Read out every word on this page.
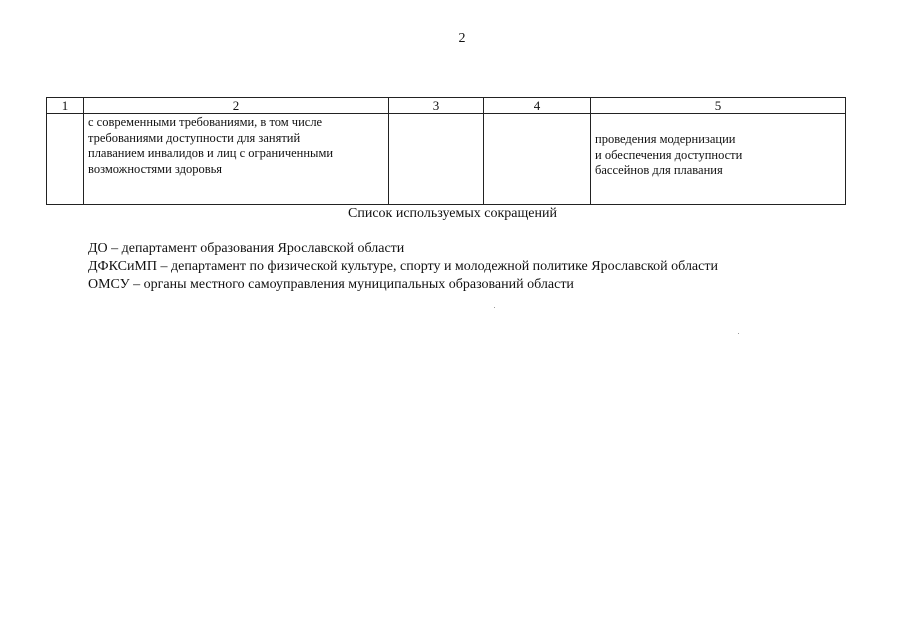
2
1	2	3	4	5
	с современными требованиями, в том числе
требованиями доступности для занятий
плаванием инвалидов и лиц с ограниченными
возможностями здоровья			проведения модернизации
и обеспечения доступности
бассейнов для плавания
Список используемых сокращений
ДО – департамент образования Ярославской области
ДФКСиМП – департамент по физической культуре, спорту и молодежной политике Ярославской области
ОМСУ – органы местного самоуправления муниципальных образований области
